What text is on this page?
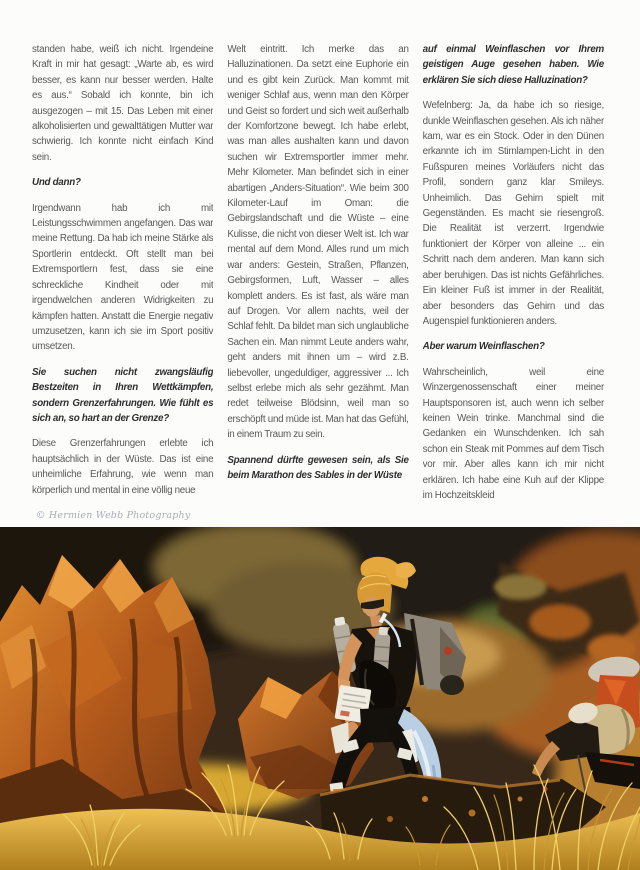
standen habe, weiß ich nicht. Irgendeine Kraft in mir hat gesagt: „Warte ab, es wird besser, es kann nur besser werden. Halte es aus.“ Sobald ich konnte, bin ich ausgezogen – mit 15. Das Leben mit einer alkoholisierten und gewalttätigen Mutter war schwierig. Ich konnte nicht einfach Kind sein.

Und dann?

Irgendwann hab ich mit Leistungsschwimmen angefangen. Das war meine Rettung. Da hab ich meine Stärke als Sportlerin entdeckt. Oft stellt man bei Extremsportlern fest, dass sie eine schreckliche Kindheit oder mit irgendwelchen anderen Widrigkeiten zu kämpfen hatten. Anstatt die Energie negativ umzusetzen, kann ich sie im Sport positiv umsetzen.

Sie suchen nicht zwangsläufig Bestzeiten in Ihren Wettkämpfen, sondern Grenzerfahrungen. Wie fühlt es sich an, so hart an der Grenze?

Diese Grenzerfahrungen erlebte ich hauptsächlich in der Wüste. Das ist eine unheimliche Erfahrung, wie wenn man körperlich und mental in eine völlig neue

Welt eintritt. Ich merke das an Halluzinationen. Da setzt eine Euphorie ein und es gibt kein Zurück. Man kommt mit weniger Schlaf aus, wenn man den Körper und Geist so fordert und sich weit außerhalb der Komfortzone bewegt. Ich habe erlebt, was man alles aushalten kann und davon suchen wir Extremsportler immer mehr. Mehr Kilometer. Man befindet sich in einer abartigen „Anders-Situation“. Wie beim 300 Kilometer-Lauf im Oman: die Gebirgslandschaft und die Wüste – eine Kulisse, die nicht von dieser Welt ist. Ich war mental auf dem Mond. Alles rund um mich war anders: Gestein, Straßen, Pflanzen, Gebirgsformen, Luft, Wasser – alles komplett anders. Es ist fast, als wäre man auf Drogen. Vor allem nachts, weil der Schlaf fehlt. Da bildet man sich unglaubliche Sachen ein. Man nimmt Leute anders wahr, geht anders mit ihnen um – wird z.B. liebevoller, ungeduldiger, aggressiver ... Ich selbst erlebe mich als sehr gezähmt. Man redet teilweise Blödsinn, weil man so erschöpft und müde ist. Man hat das Gefühl, in einem Traum zu sein.

Spannend dürfte gewesen sein, als Sie beim Marathon des Sables in der Wüste

auf einmal Weinflaschen vor Ihrem geistigen Auge gesehen haben. Wie erklären Sie sich diese Halluzination?

Wefelnberg: Ja, da habe ich so riesige, dunkle Weinflaschen gesehen. Als ich näher kam, war es ein Stock. Oder in den Dünen erkannte ich im Stirnlampen-Licht in den Fußspuren meines Vorläufers nicht das Profil, sondern ganz klar Smileys. Unheimlich. Das Gehirn spielt mit Gegenständen. Es macht sie riesengroß. Die Realität ist verzerrt. Irgendwie funktioniert der Körper von alleine ... ein Schritt nach dem anderen. Man kann sich aber beruhigen. Das ist nichts Gefährliches. Ein kleiner Fuß ist immer in der Realität, aber besonders das Gehirn und das Augenspiel funktionieren anders.

Aber warum Weinflaschen?

Wahrscheinlich, weil eine Winzergenossenschaft einer meiner Hauptsponsoren ist, auch wenn ich selber keinen Wein trinke. Manchmal sind die Gedanken ein Wunschdenken. Ich sah schon ein Steak mit Pommes auf dem Tisch vor mir. Aber alles kann ich mir nicht erklären. Ich habe eine Kuh auf der Klippe im Hochzeitskleid

© Hermien Webb Photography
